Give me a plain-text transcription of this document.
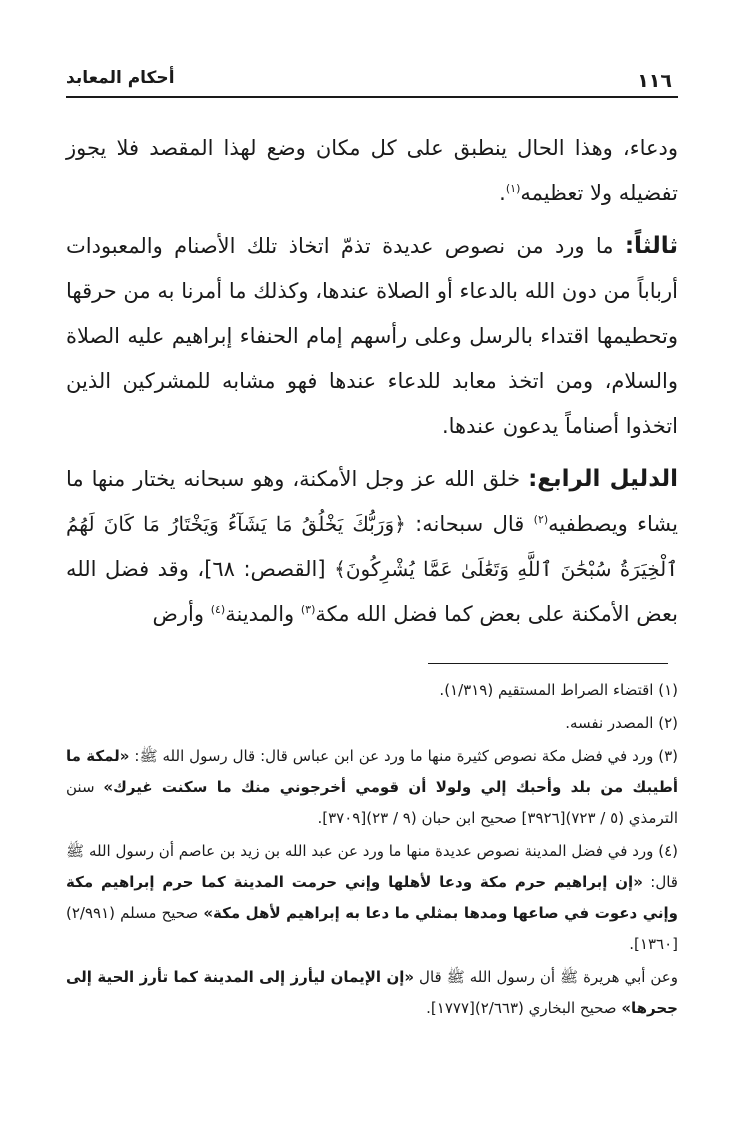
أحكام المعابد	١١٦

ودعاء، وهذا الحال ينطبق على كل مكان وضع لهذا المقصد فلا يجوز تفضيله ولا تعظيمه$^{(١)}$.

ثالثاً: ما ورد من نصوص عديدة تذمّ اتخاذ تلك الأصنام والمعبودات أرباباً من دون الله بالدعاء أو الصلاة عندها، وكذلك ما أمرنا به من حرقها وتحطيمها اقتداء بالرسل وعلى رأسهم إمام الحنفاء إبراهيم عليه الصلاة والسلام، ومن اتخذ معابد للدعاء عندها فهو مشابه للمشركين الذين اتخذوا أصناماً يدعون عندها.

الدليل الرابع: خلق الله عز وجل الأمكنة، وهو سبحانه يختار منها ما يشاء ويصطفيه$^{(٢)}$ قال سبحانه: ﴿وَرَبُّكَ يَخْلُقُ مَا يَشَآءُ وَيَخْتَارُ مَا كَانَ لَهُمُ ٱلْخِيَرَةُ سُبْحَٰنَ ٱللَّهِ وَتَعَٰلَىٰ عَمَّا يُشْرِكُونَ﴾ [القصص: ٦٨]، وقد فضل الله بعض الأمكنة على بعض كما فضل الله مكة$^{(٣)}$ والمدينة$^{(٤)}$ وأرض

(١) اقتضاء الصراط المستقيم (١/٣١٩).

(٢) المصدر نفسه.

(٣) ورد في فضل مكة نصوص كثيرة منها ما ورد عن ابن عباس قال: قال رسول الله ﷺ: «لمكة ما أطيبك من بلد وأحبك إلي ولولا أن قومي أخرجوني منك ما سكنت غيرك» سنن الترمذي (٥ / ٧٢٣)[٣٩٢٦] صحيح ابن حبان (٩ / ٢٣)[٣٧٠٩].

(٤) ورد في فضل المدينة نصوص عديدة منها ما ورد عن عبد الله بن زيد بن عاصم أن رسول الله ﷺ قال: «إن إبراهيم حرم مكة ودعا لأهلها وإني حرمت المدينة كما حرم إبراهيم مكة وإني دعوت في صاعها ومدها بمثلي ما دعا به إبراهيم لأهل مكة» صحيح مسلم (٢/٩٩١)[١٣٦٠].

وعن أبي هريرة ﷺ أن رسول الله ﷺ قال «إن الإيمان ليأرز إلى المدينة كما تأرز الحية إلى جحرها» صحيح البخاري (٢/٦٦٣)[١٧٧٧].
